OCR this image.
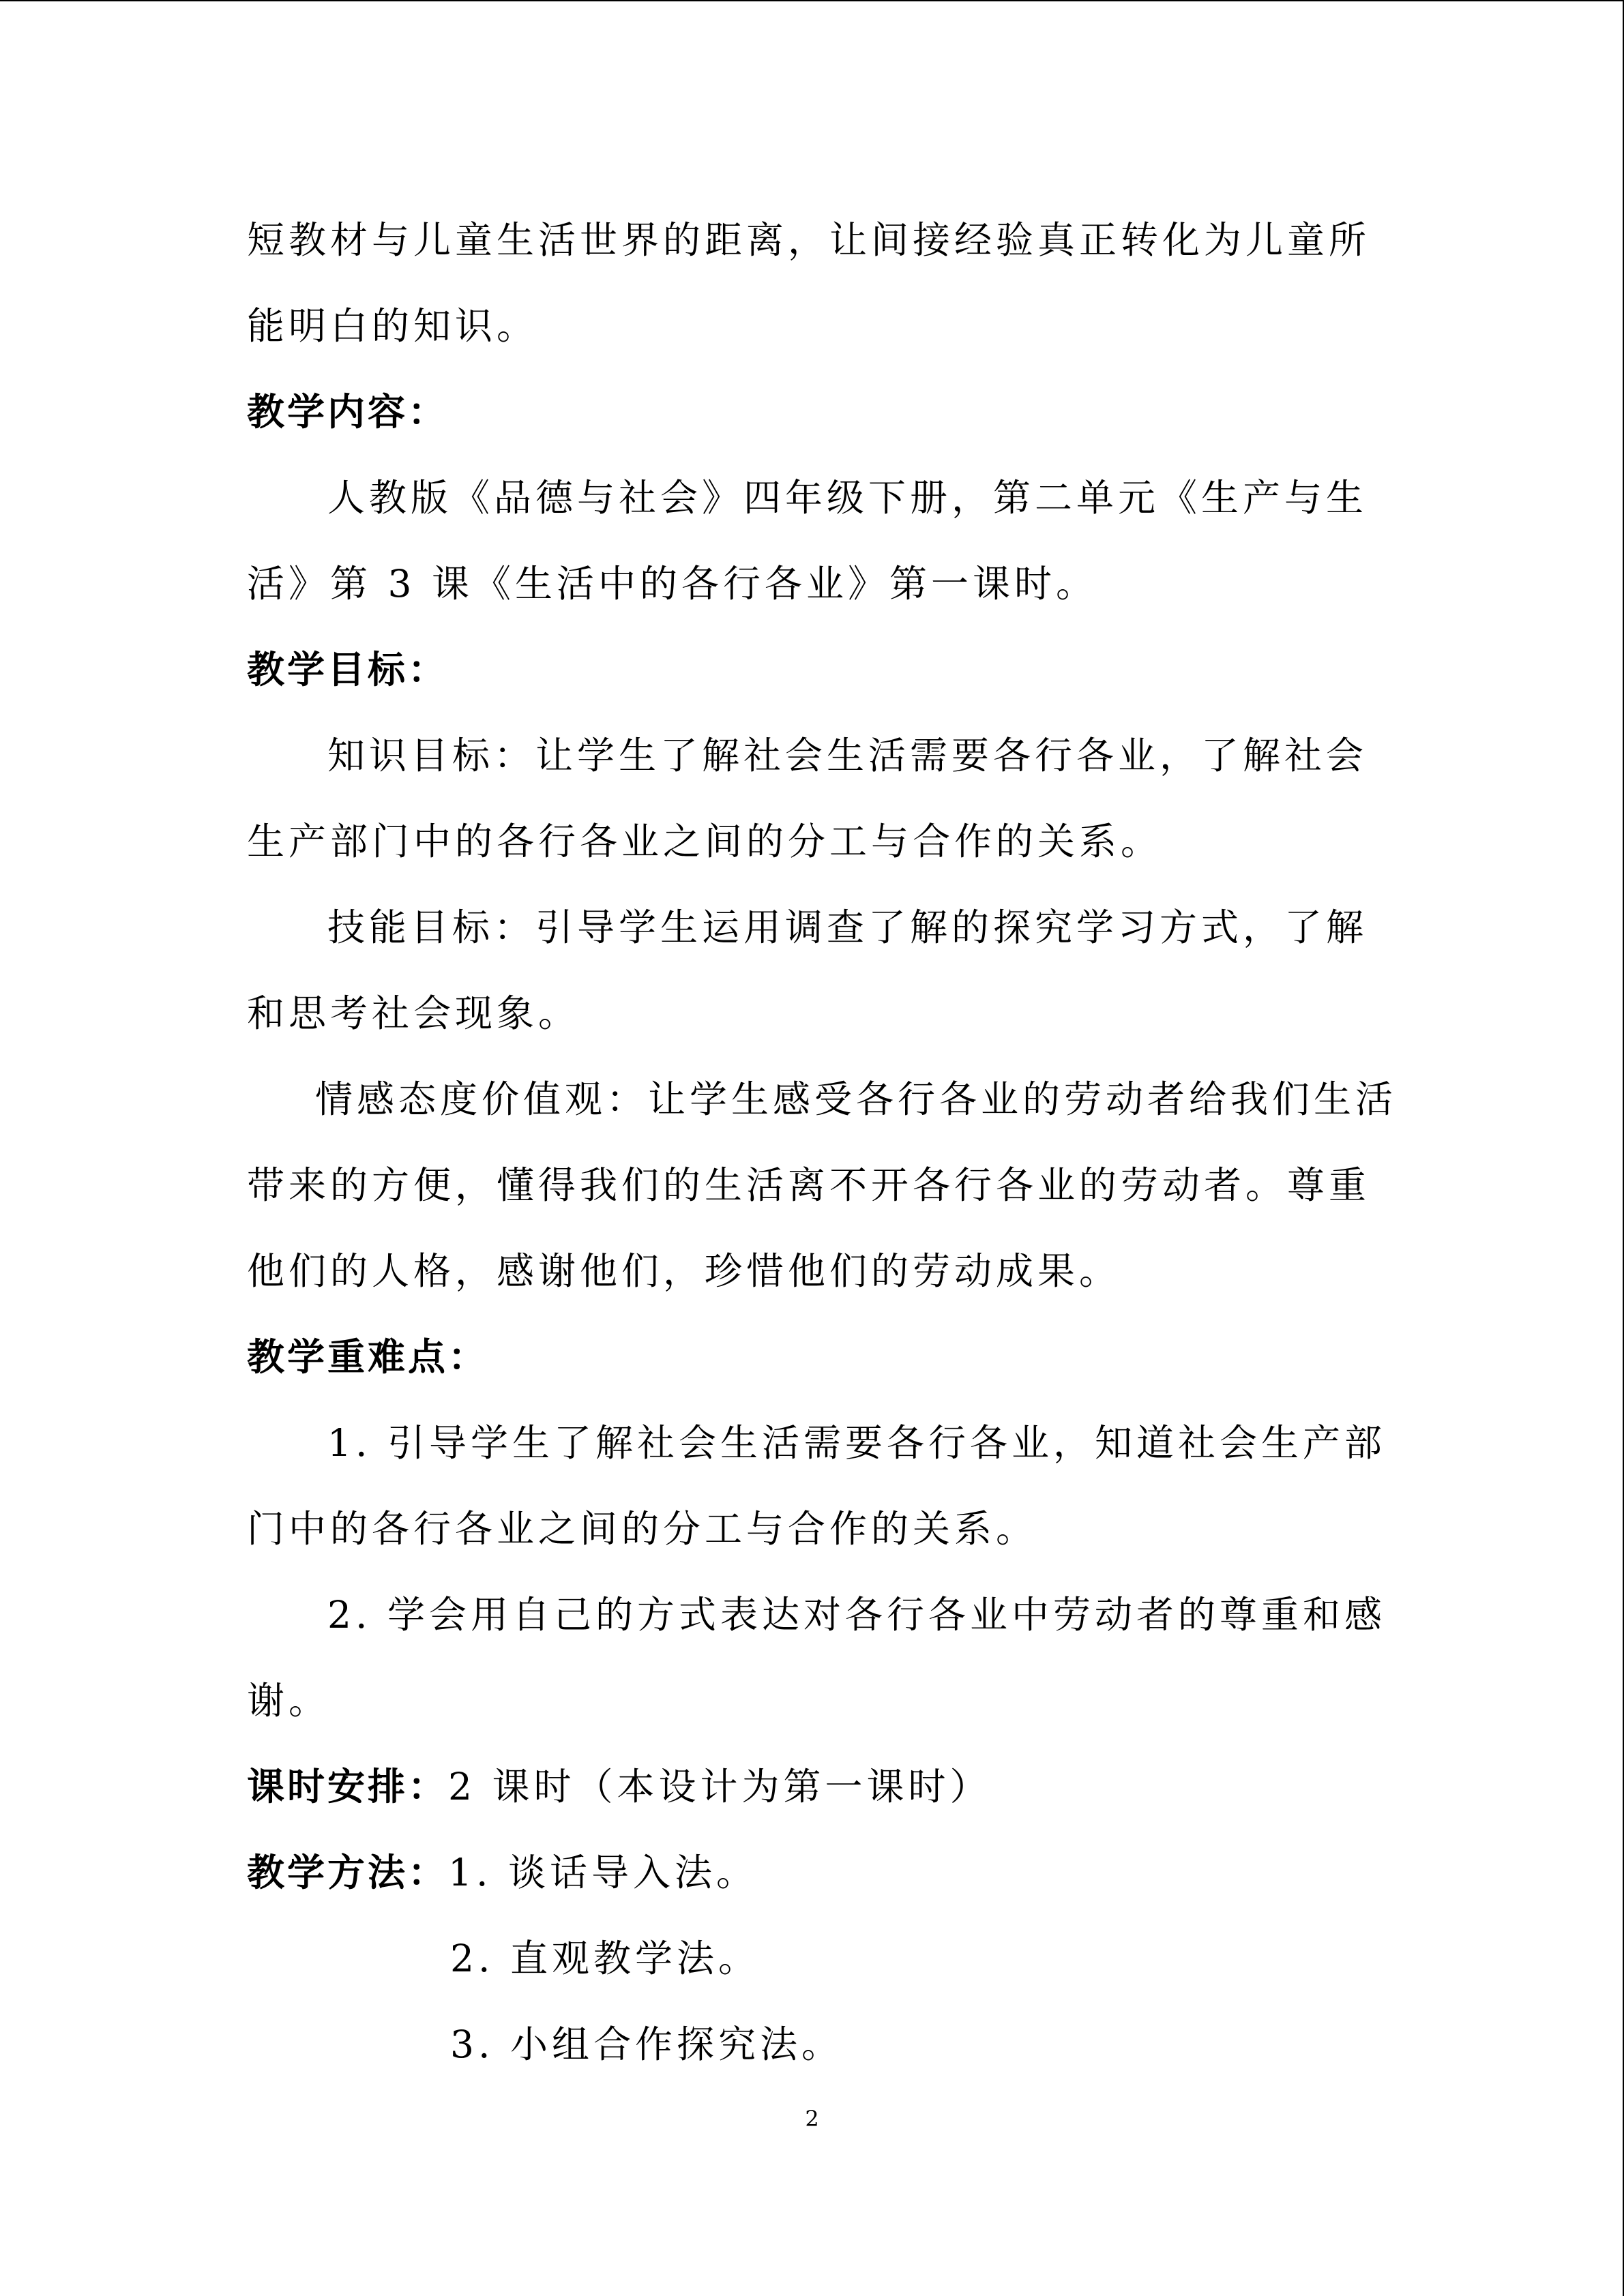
短教材与儿童生活世界的距离，让间接经验真正转化为儿童所
能明白的知识。
教学内容：
人教版《品德与社会》四年级下册，第二单元《生产与生
活》第 3 课《生活中的各行各业》第一课时。
教学目标：
知识目标：让学生了解社会生活需要各行各业，了解社会
生产部门中的各行各业之间的分工与合作的关系。
技能目标：引导学生运用调查了解的探究学习方式，了解
和思考社会现象。
情感态度价值观：让学生感受各行各业的劳动者给我们生活
带来的方便，懂得我们的生活离不开各行各业的劳动者。尊重
他们的人格，感谢他们，珍惜他们的劳动成果。
教学重难点：
1. 引导学生了解社会生活需要各行各业，知道社会生产部
门中的各行各业之间的分工与合作的关系。
2. 学会用自己的方式表达对各行各业中劳动者的尊重和感
谢。
课时安排：2 课时（本设计为第一课时）
教学方法：1. 谈话导入法。
2. 直观教学法。
3. 小组合作探究法。
2
